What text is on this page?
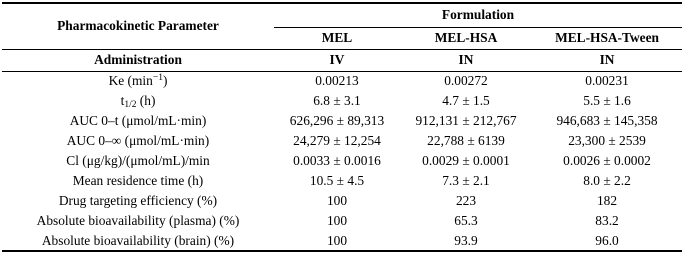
Pharmacokinetic Parameter	Formulation		
	MEL	MEL-HSA	MEL-HSA-Tween
Administration	IV	IN	IN
Ke $(\min^{-1})$	0.00213	0.00272	0.00231
$t_{1/2}$ (h)	6.8 ± 3.1	4.7 ± 1.5	5.5 ± 1.6
AUC 0–t (μmol/mL·min)	626,296 ± 89,313	912,131 ± 212,767	946,683 ± 145,358
AUC 0–∞ (μmol/mL·min)	24,279 ± 12,254	22,788 ± 6139	23,300 ± 2539
Cl (μg/kg)/(μmol/mL)/min	0.0033 ± 0.0016	0.0029 ± 0.0001	0.0026 ± 0.0002
Mean residence time (h)	10.5 ± 4.5	7.3 ± 2.1	8.0 ± 2.2
Drug targeting efficiency (%)	100	223	182
Absolute bioavailability (plasma) (%)	100	65.3	83.2
Absolute bioavailability (brain) (%)	100	93.9	96.0
